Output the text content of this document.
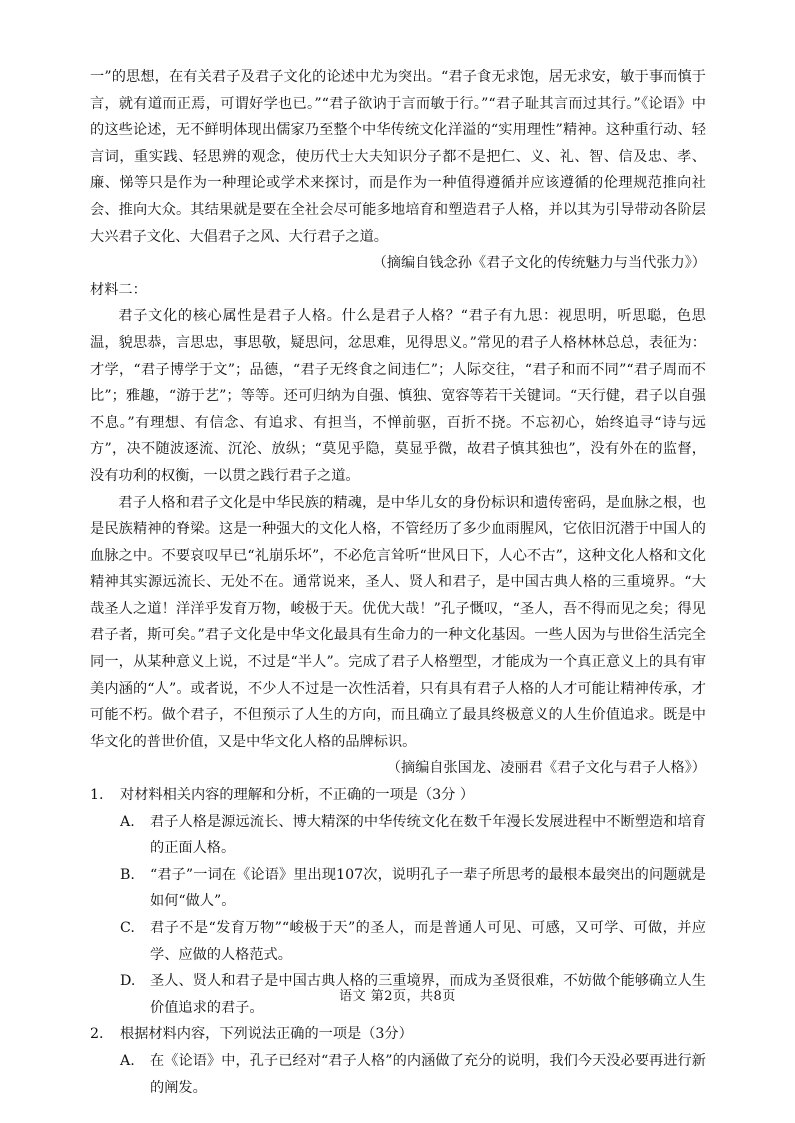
一”的思想，在有关君子及君子文化的论述中尤为突出。“君子食无求饱，居无求安，敏于事而慎于言，就有道而正焉，可谓好学也已。”“君子欲讷于言而敏于行。”“君子耻其言而过其行。”《论语》中的这些论述，无不鲜明体现出儒家乃至整个中华传统文化洋溢的“实用理性”精神。这种重行动、轻言词，重实践、轻思辨的观念，使历代士大夫知识分子都不是把仁、义、礼、智、信及忠、孝、廉、悌等只是作为一种理论或学术来探讨，而是作为一种值得遵循并应该遵循的伦理规范推向社会、推向大众。其结果就是要在全社会尽可能多地培育和塑造君子人格，并以其为引导带动各阶层大兴君子文化、大倡君子之风、大行君子之道。

（摘编自钱念孙《君子文化的传统魅力与当代张力》）

材料二：

君子文化的核心属性是君子人格。什么是君子人格？“君子有九思：视思明，听思聪，色思温，貌思恭，言思忠，事思敬，疑思问，忿思难，见得思义。”常见的君子人格林林总总，表征为：才学，“君子博学于文”；品德，“君子无终食之间违仁”；人际交往，“君子和而不同”“君子周而不比”；雅趣，“游于艺”；等等。还可归纳为自强、慎独、宽容等若干关键词。“天行健，君子以自强不息。”有理想、有信念、有追求、有担当，不惮前驱，百折不挠。不忘初心，始终追寻“诗与远方”，决不随波逐流、沉沦、放纵；“莫见乎隐，莫显乎微，故君子慎其独也”，没有外在的监督，没有功利的权衡，一以贯之践行君子之道。

君子人格和君子文化是中华民族的精魂，是中华儿女的身份标识和遗传密码，是血脉之根，也是民族精神的脊梁。这是一种强大的文化人格，不管经历了多少血雨腥风，它依旧沉潜于中国人的血脉之中。不要哀叹早已“礼崩乐坏”，不必危言耸听“世风日下，人心不古”，这种文化人格和文化精神其实源远流长、无处不在。通常说来，圣人、贤人和君子，是中国古典人格的三重境界。“大哉圣人之道！洋洋乎发育万物，峻极于天。优优大哉！”孔子慨叹，“圣人，吾不得而见之矣；得见君子者，斯可矣。”君子文化是中华文化最具有生命力的一种文化基因。一些人因为与世俗生活完全同一，从某种意义上说，不过是“半人”。完成了君子人格塑型，才能成为一个真正意义上的具有审美内涵的“人”。或者说，不少人不过是一次性活着，只有具有君子人格的人才可能让精神传承，才可能不朽。做个君子，不但预示了人生的方向，而且确立了最具终极意义的人生价值追求。既是中华文化的普世价值，又是中华文化人格的品牌标识。

（摘编自张国龙、凌丽君《君子文化与君子人格》）

1. 对材料相关内容的理解和分析，不正确的一项是（3分 ）

A. 君子人格是源远流长、博大精深的中华传统文化在数千年漫长发展进程中不断塑造和培育的正面人格。

B. “君子”一词在《论语》里出现107次，说明孔子一辈子所思考的最根本最突出的问题就是如何“做人”。

C. 君子不是“发育万物”“峻极于天”的圣人，而是普通人可见、可感，又可学、可做，并应学、应做的人格范式。

D. 圣人、贤人和君子是中国古典人格的三重境界，而成为圣贤很难，不妨做个能够确立人生价值追求的君子。

2. 根据材料内容，下列说法正确的一项是（3分）

A. 在《论语》中，孔子已经对“君子人格”的内涵做了充分的说明，我们今天没必要再进行新的阐发。

语文 第2页，共8页
